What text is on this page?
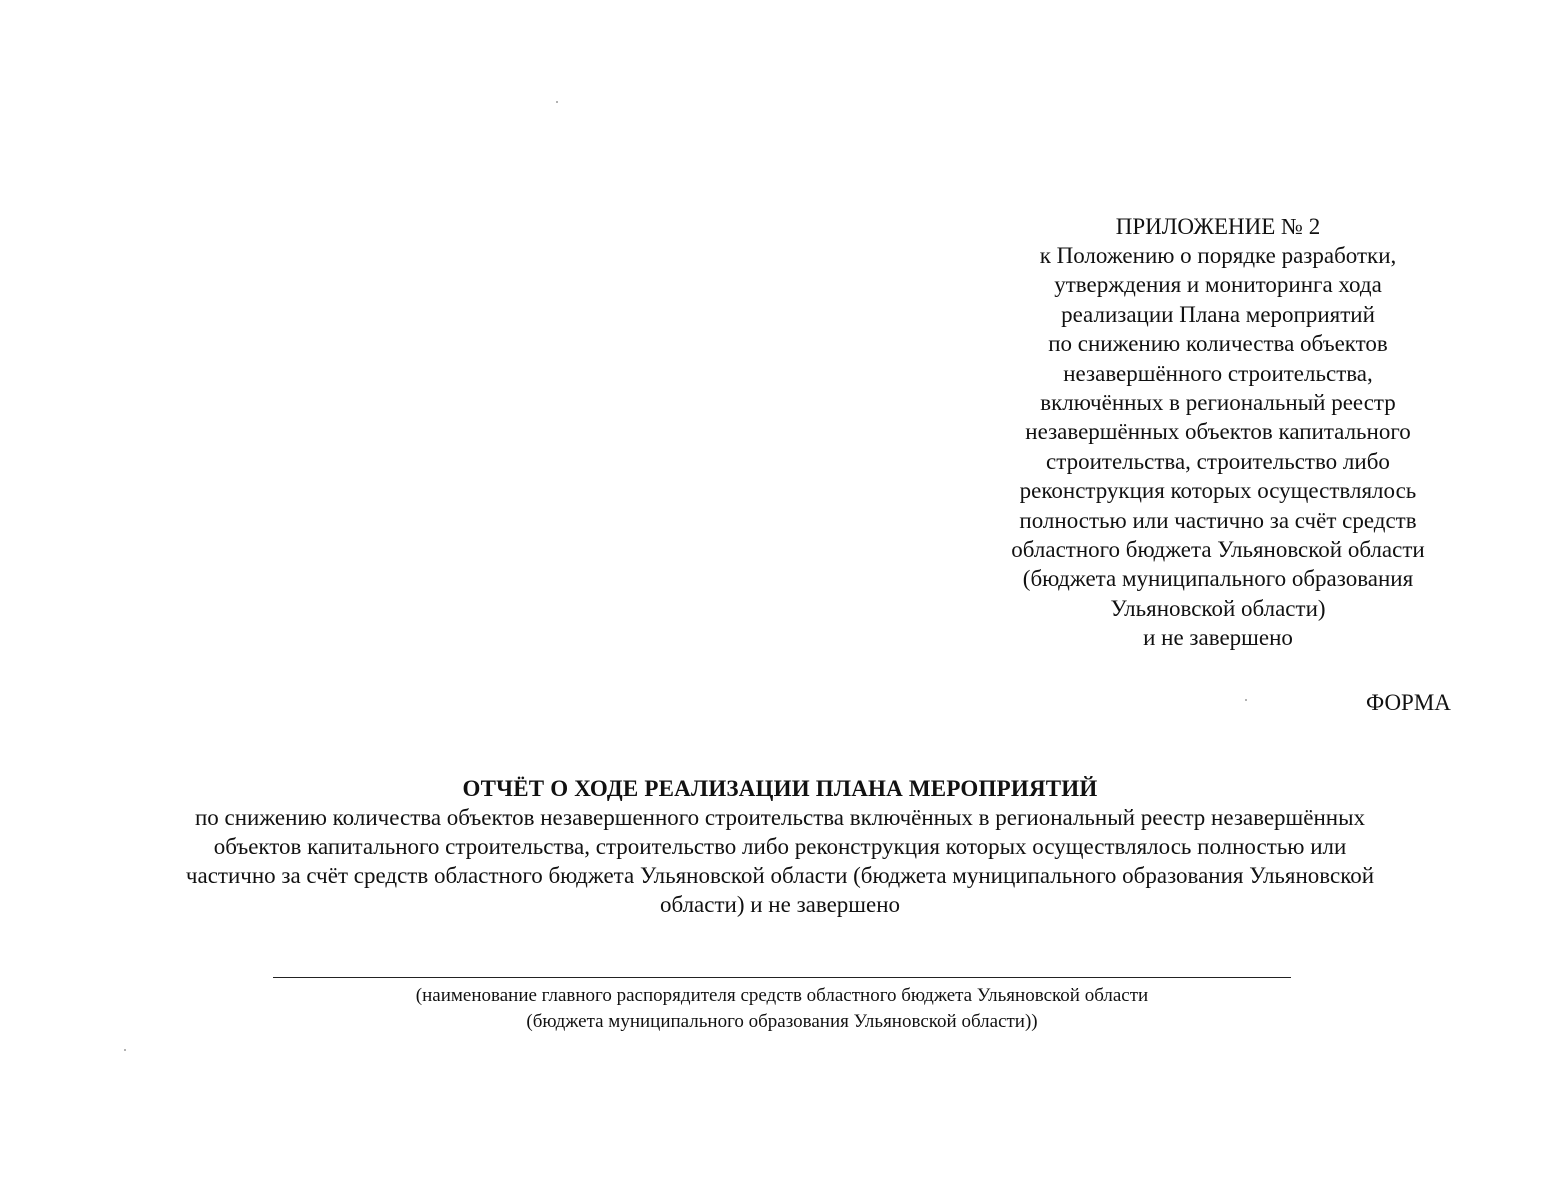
ПРИЛОЖЕНИЕ № 2
к Положению о порядке разработки,
утверждения и мониторинга хода
реализации Плана мероприятий
по снижению количества объектов
незавершённого строительства,
включённых в региональный реестр
незавершённых объектов капитального
строительства, строительство либо
реконструкция которых осуществлялось
полностью или частично за счёт средств
областного бюджета Ульяновской области
(бюджета муниципального образования
Ульяновской области)
и не завершено
ФОРМА
ОТЧЁТ О ХОДЕ РЕАЛИЗАЦИИ ПЛАНА МЕРОПРИЯТИЙ
по снижению количества объектов незавершенного строительства включённых в региональный реестр незавершённых
объектов капитального строительства, строительство либо реконструкция которых осуществлялось полностью или
частично за счёт средств областного бюджета Ульяновской области (бюджета муниципального образования Ульяновской
области) и не завершено
(наименование главного распорядителя средств областного бюджета Ульяновской области
(бюджета муниципального образования Ульяновской области))
